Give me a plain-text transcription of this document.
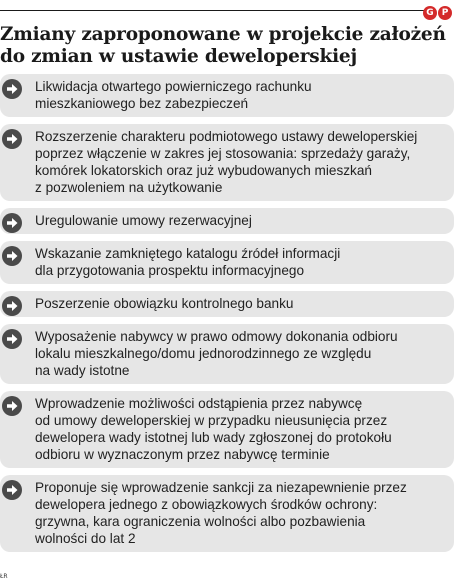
G P
Zmiany zaproponowane w projekcie założeń
do zmian w ustawie deweloperskiej
Likwidacja otwartego powierniczego rachunku
mieszkaniowego bez zabezpieczeń
Rozszerzenie charakteru podmiotowego ustawy deweloperskiej
poprzez włączenie w zakres jej stosowania: sprzedaży garaży,
komórek lokatorskich oraz już wybudowanych mieszkań
z pozwoleniem na użytkowanie
Uregulowanie umowy rezerwacyjnej
Wskazanie zamkniętego katalogu źródeł informacji
dla przygotowania prospektu informacyjnego
Poszerzenie obowiązku kontrolnego banku
Wyposażenie nabywcy w prawo odmowy dokonania odbioru
lokalu mieszkalnego/domu jednorodzinnego ze względu
na wady istotne
Wprowadzenie możliwości odstąpienia przez nabywcę
od umowy deweloperskiej w przypadku nieusunięcia przez
dewelopera wady istotnej lub wady zgłoszonej do protokołu
odbioru w wyznaczonym przez nabywcę terminie
Proponuje się wprowadzenie sankcji za niezapewnienie przez
dewelopera jednego z obowiązkowych środków ochrony:
grzywna, kara ograniczenia wolności albo pozbawienia
wolności do lat 2
ŁR
